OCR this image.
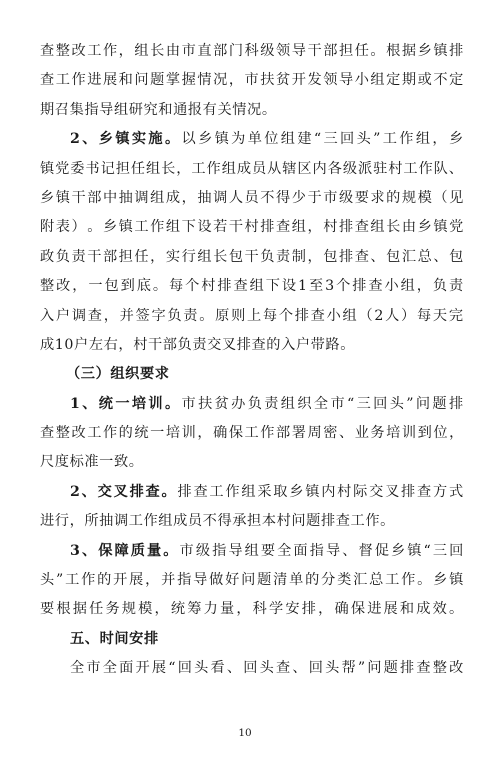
查 整 改 工 作 ， 组 长 由 市 直 部 门 科 级 领 导 干 部 担 任 。 根 据 乡 镇 排
查 工 作 进 展 和 问 题 掌 握 情 况 ， 市 扶 贫 开 发 领 导 小 组 定 期 或 不 定
期召集指导组研究和通报有关情况。
2 、 乡 镇 实 施 。 以 乡 镇 为 单 位 组 建 “ 三 回 头 ” 工 作 组 ， 乡
镇 党 委 书 记 担 任 组 长 ， 工 作 组 成 员 从 辖 区 内 各 级 派 驻 村 工 作 队 、
乡 镇 干 部 中 抽 调 组 成 ， 抽 调 人 员 不 得 少 于 市 级 要 求 的 规 模 （ 见
附 表 ） 。 乡 镇 工 作 组 下 设 若 干 村 排 查 组 ， 村 排 查 组 长 由 乡 镇 党
政 负 责 干 部 担 任 ， 实 行 组 长 包 干 负 责 制 ， 包 排 查 、 包 汇 总 、 包
整 改 ， 一 包 到 底 。 每 个 村 排 查 组 下 设 1 至 3 个 排 查 小 组 ， 负 责
入 户 调 查 ， 并 签 字 负 责 。 原 则 上 每 个 排 查 小 组 （ 2 人 ） 每 天 完
成10户左右，村干部负责交叉排查的入户带路。
（三）组织要求
1 、 统 一 培 训 。 市 扶 贫 办 负 责 组 织 全 市 “ 三 回 头 ” 问 题 排
查 整 改 工 作 的 统 一 培 训 ， 确 保 工 作 部 署 周 密 、 业 务 培 训 到 位 ，
尺度标准一致。
2 、 交 叉 排 查 。 排 查 工 作 组 采 取 乡 镇 内 村 际 交 叉 排 查 方 式
进行，所抽调工作组成员不得承担本村问题排查工作。
3 、 保 障 质 量 。 市 级 指 导 组 要 全 面 指 导 、 督 促 乡 镇 “ 三 回
头 ” 工 作 的 开 展 ， 并 指 导 做 好 问 题 清 单 的 分 类 汇 总 工 作 。 乡 镇
要 根 据 任 务 规 模 ， 统 筹 力 量 ， 科 学 安 排 ， 确 保 进 展 和 成 效 。
五、时间安排
全 市 全 面 开 展 “ 回 头 看 、 回 头 查 、 回 头 帮 ” 问 题 排 查 整 改
10
